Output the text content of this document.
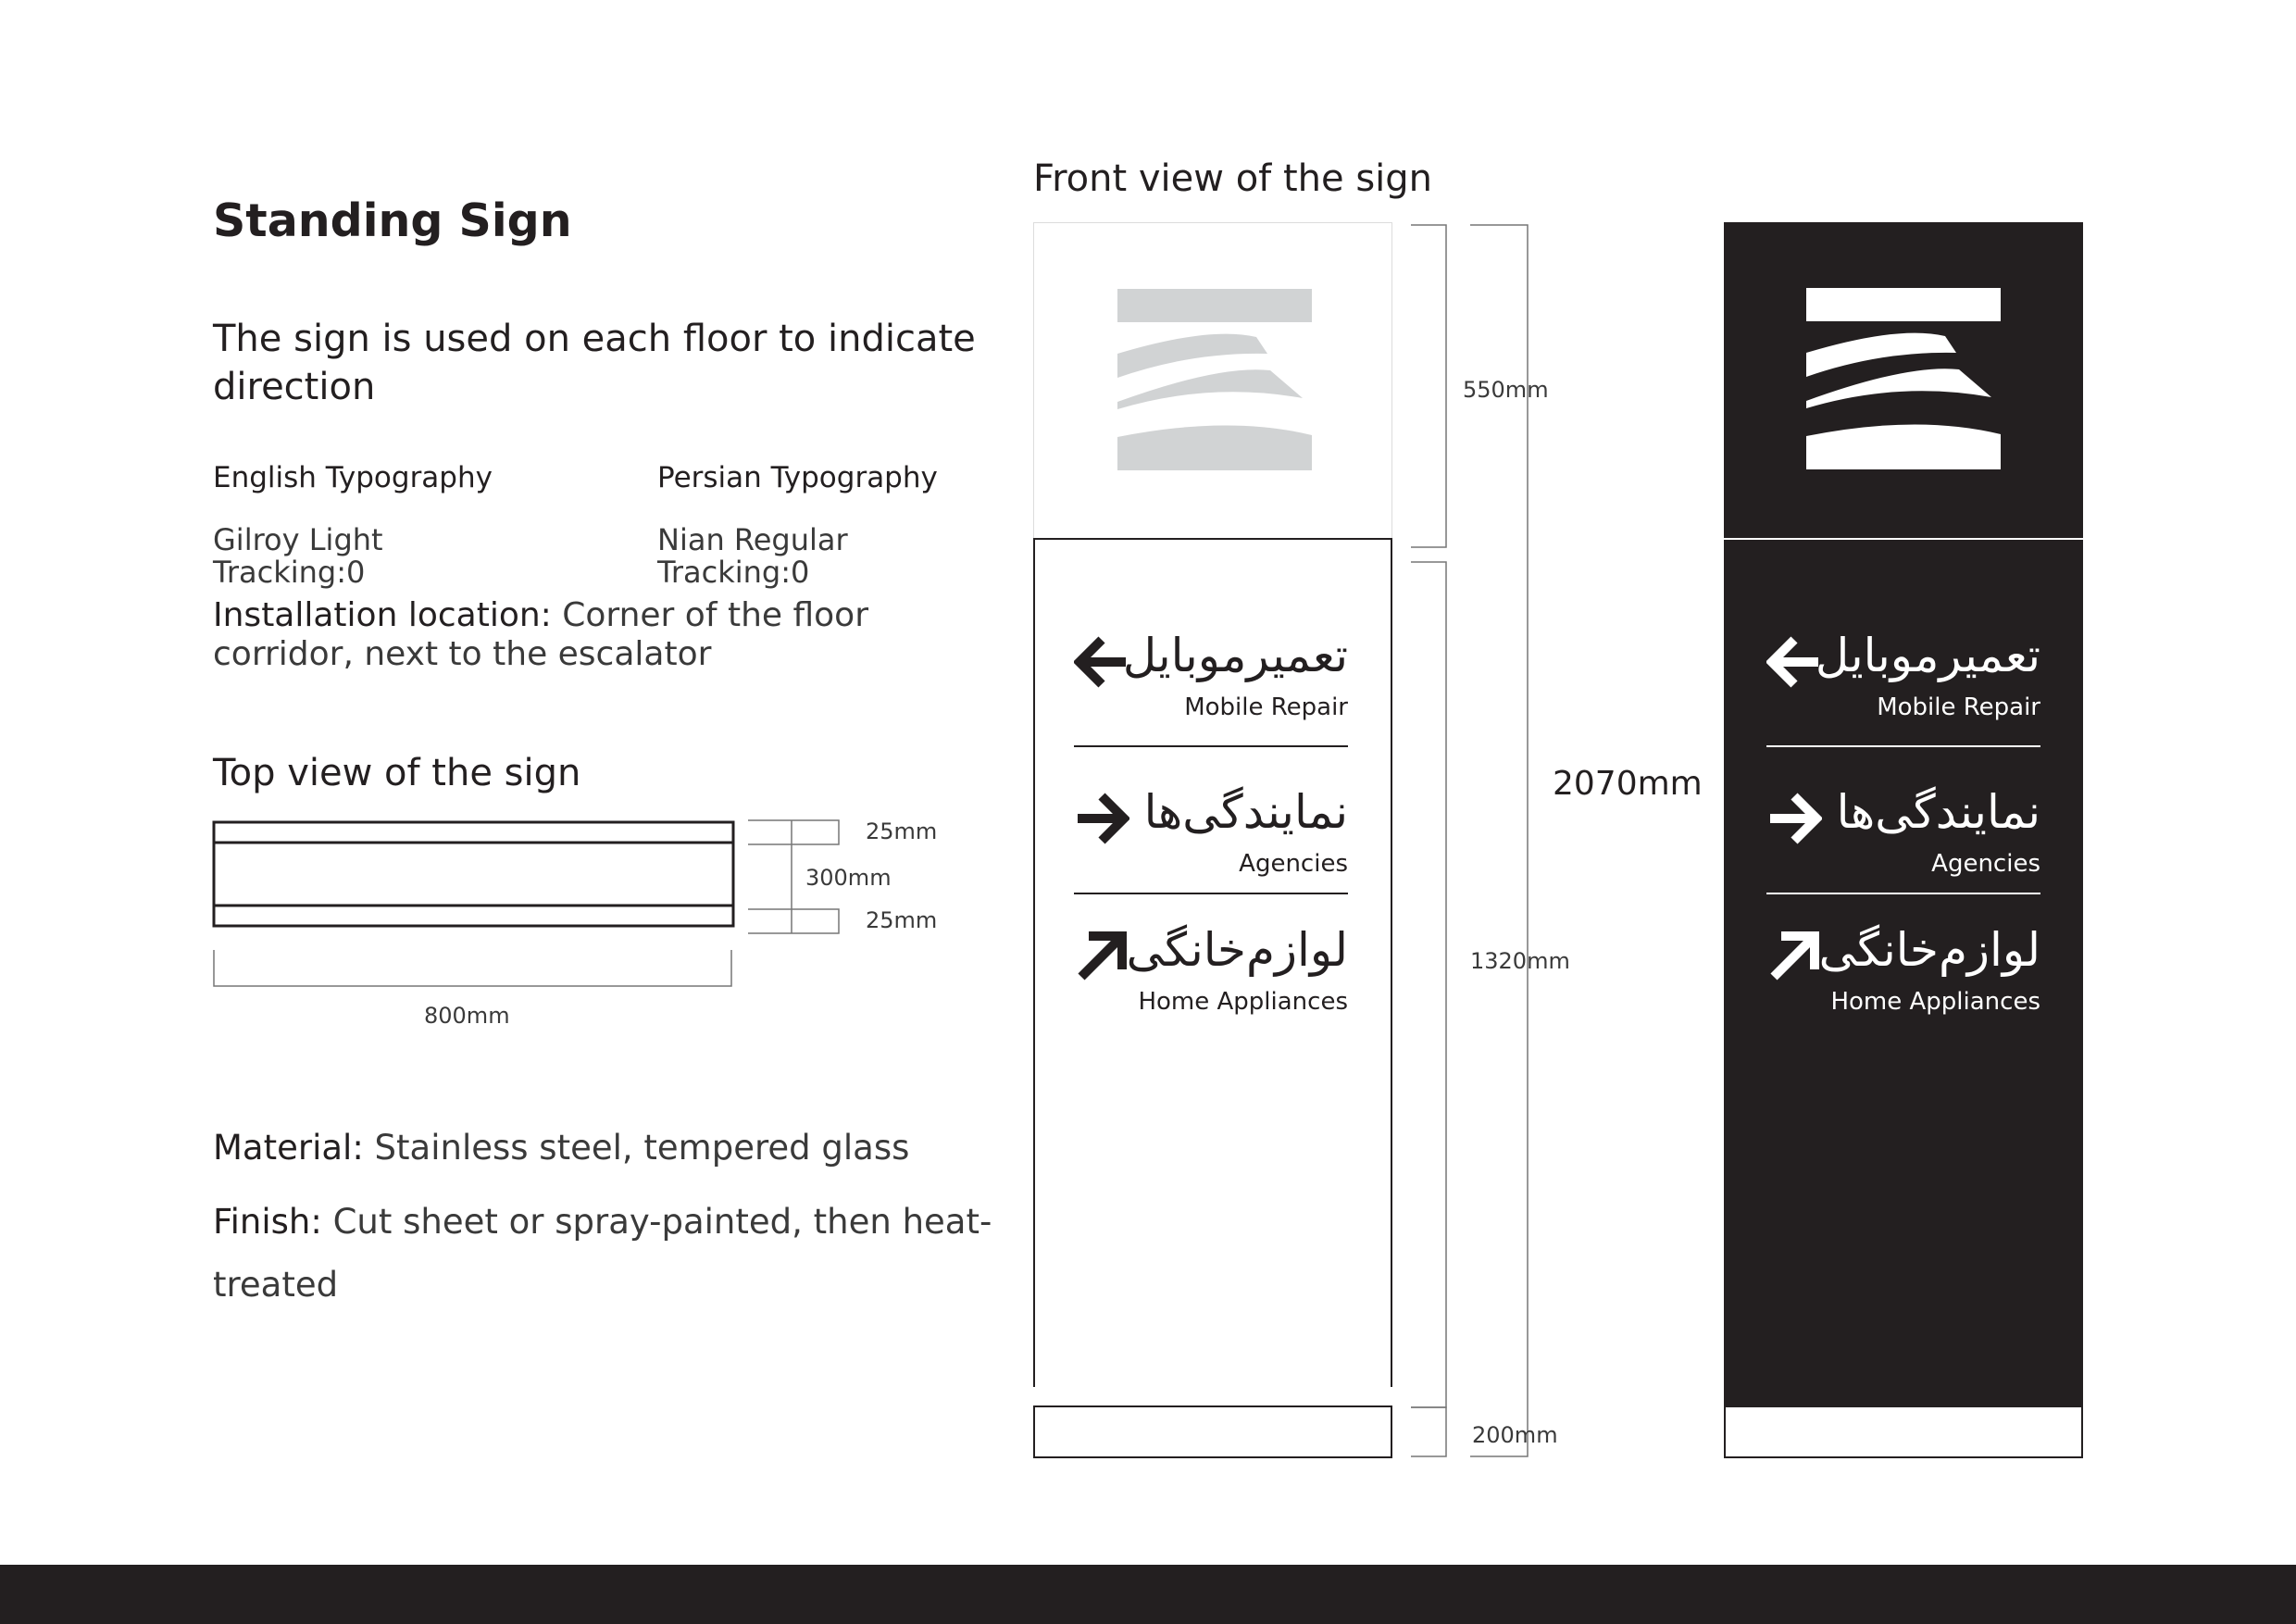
Standing Sign
The sign is used on each floor to indicate direction
English Typography	Persian Typography
Gilroy Light
Tracking:0
Nian Regular
Tracking:0
Installation location: Corner of the floor corridor, next to the escalator
Top view of the sign
25mm
300mm
25mm
800mm
Material: Stainless steel, tempered glass
Finish: Cut sheet or spray-painted, then heat-treated
Front view of the sign
تعمیرموبایل
Mobile Repair
نمایندگی‌ها
Agencies
لوازم‌خانگی
Home Appliances
550mm
1320mm
200mm
2070mm
تعمیرموبایل
Mobile Repair
نمایندگی‌ها
Agencies
لوازم‌خانگی
Home Appliances
